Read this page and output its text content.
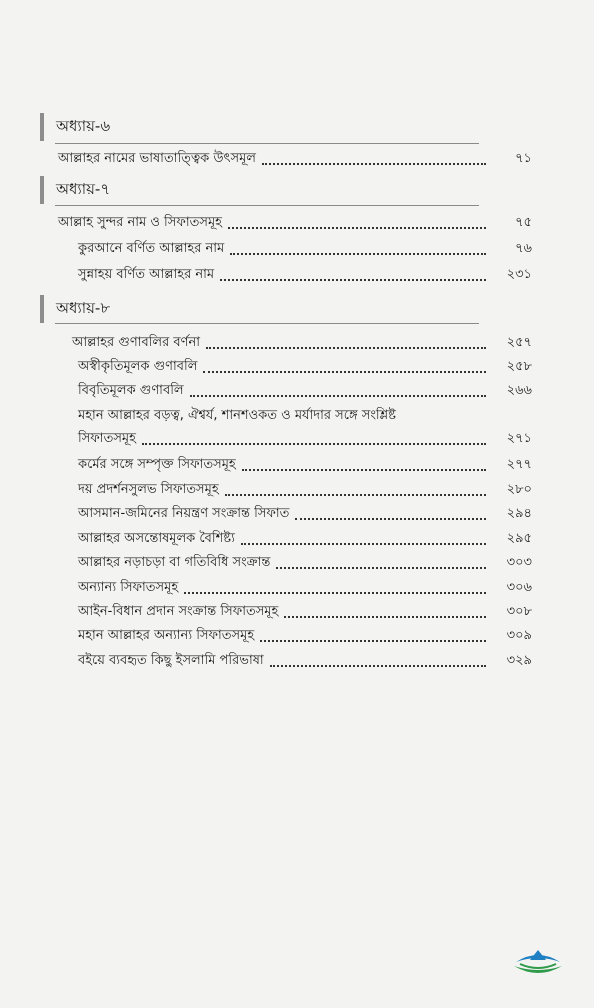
অধ্যায়-৬
আল্লাহর নামের ভাষাতাত্ত্বিক উৎসমূল	৭১
অধ্যায়-৭
আল্লাহ সুন্দর নাম ও সিফাতসমূহ	৭৫
কুরআনে বর্ণিত আল্লাহর নাম	৭৬
সুন্নাহয় বর্ণিত আল্লাহর নাম	২৩১
অধ্যায়-৮
আল্লাহর গুণাবলির বর্ণনা	২৫৭
অস্বীকৃতিমূলক গুণাবলি	২৫৮
বিবৃতিমূলক গুণাবলি	২৬৬
মহান আল্লাহর বড়ত্ব, ঐশ্বর্য, শানশওকত ও মর্যাদার সঙ্গে সংশ্লিষ্ট
সিফাতসমূহ	২৭১
কর্মের সঙ্গে সম্পৃক্ত সিফাতসমূহ	২৭৭
দয় প্রদর্শনসুলভ সিফাতসমূহ	২৮০
আসমান-জমিনের নিয়ন্ত্রণ সংক্রান্ত সিফাত	২৯৪
আল্লাহর অসন্তোষমূলক বৈশিষ্ট্য	২৯৫
আল্লাহর নড়াচড়া বা গতিবিধি সংক্রান্ত	৩০৩
অন্যান্য সিফাতসমূহ	৩০৬
আইন-বিধান প্রদান সংক্রান্ত সিফাতসমূহ	৩০৮
মহান আল্লাহর অন্যান্য সিফাতসমূহ	৩০৯
বইয়ে ব্যবহৃত কিছু ইসলামি পরিভাষা	৩২৯
